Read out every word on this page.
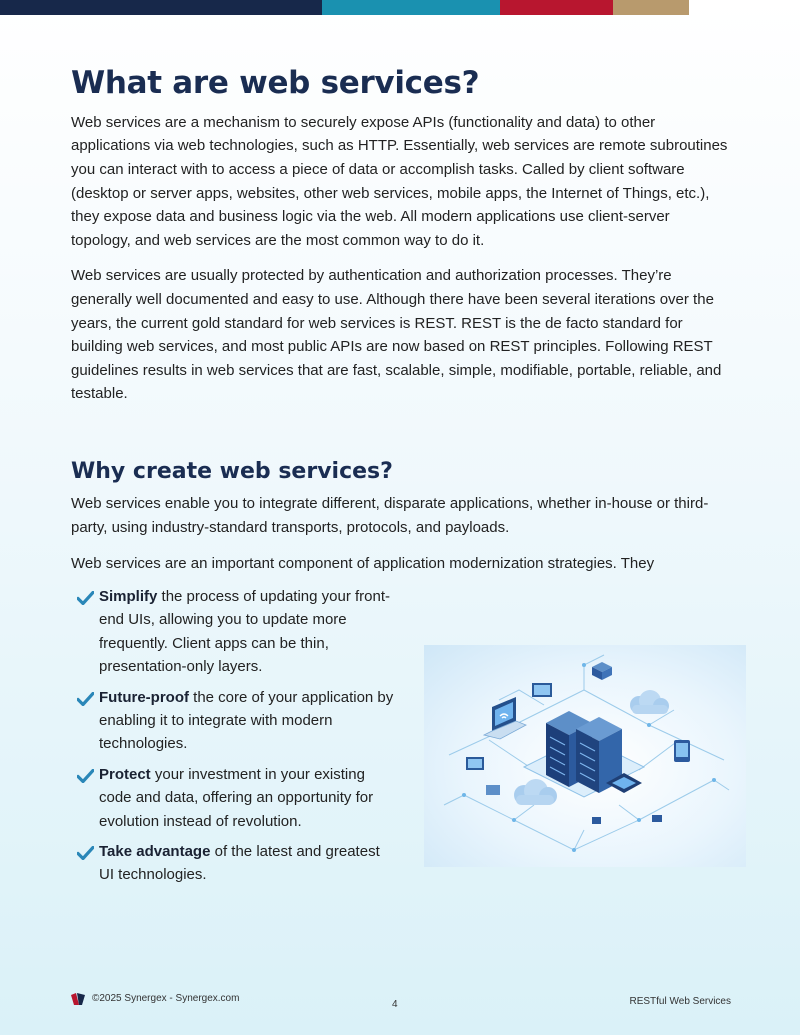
What are web services?

Web services are a mechanism to securely expose APIs (functionality and data) to other applications via web technologies, such as HTTP. Essentially, web services are remote subroutines you can interact with to access a piece of data or accomplish tasks. Called by client software (desktop or server apps, websites, other web services, mobile apps, the Internet of Things, etc.), they expose data and business logic via the web. All modern applications use client-server topology, and web services are the most common way to do it.

Web services are usually protected by authentication and authorization processes. They’re generally well documented and easy to use. Although there have been several iterations over the years, the current gold standard for web services is REST. REST is the de facto standard for building web services, and most public APIs are now based on REST principles. Following REST guidelines results in web services that are fast, scalable, simple, modifiable, portable, reliable, and testable.

Why create web services?

Web services enable you to integrate different, disparate applications, whether in-house or third-party, using industry-standard transports, protocols, and payloads.

Web services are an important component of application modernization strategies. They

Simplify the process of updating your front-end UIs, allowing you to update more frequently. Client apps can be thin, presentation-only layers.
Future-proof the core of your application by enabling it to integrate with modern technologies.
Protect your investment in your existing code and data, offering an opportunity for evolution instead of revolution.
Take advantage of the latest and greatest UI technologies.
©2025 Synergex - Synergex.com
4	RESTful Web Services
